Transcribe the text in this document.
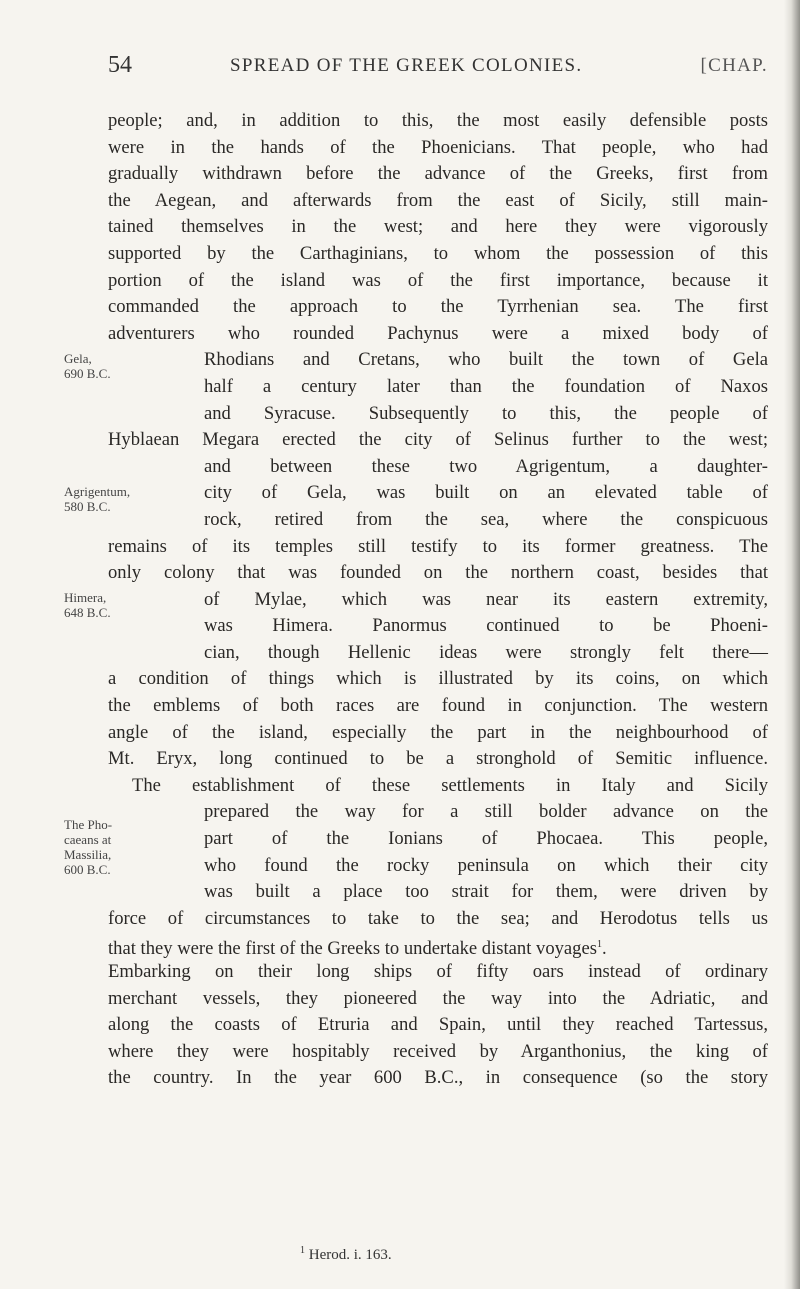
54	SPREAD OF THE GREEK COLONIES.	[CHAP.
people; and, in addition to this, the most easily defensible posts
were in the hands of the Phoenicians. That people, who had
gradually withdrawn before the advance of the Greeks, first from
the Aegean, and afterwards from the east of Sicily, still main-
tained themselves in the west; and here they were vigorously
supported by the Carthaginians, to whom the possession of this
portion of the island was of the first importance, because it
commanded the approach to the Tyrrhenian sea. The first
adventurers who rounded Pachynus were a mixed body of
Rhodians and Cretans, who built the town of Gela
half a century later than the foundation of Naxos
and Syracuse. Subsequently to this, the people of
Hyblaean Megara erected the city of Selinus further to the west;
and between these two Agrigentum, a daughter-
city of Gela, was built on an elevated table of
rock, retired from the sea, where the conspicuous
remains of its temples still testify to its former greatness. The
only colony that was founded on the northern coast, besides that
of Mylae, which was near its eastern extremity,
was Himera. Panormus continued to be Phoeni-
cian, though Hellenic ideas were strongly felt there—
a condition of things which is illustrated by its coins, on which
the emblems of both races are found in conjunction. The western
angle of the island, especially the part in the neighbourhood of
Mt. Eryx, long continued to be a stronghold of Semitic influence.
The establishment of these settlements in Italy and Sicily
prepared the way for a still bolder advance on the
part of the Ionians of Phocaea. This people,
who found the rocky peninsula on which their city
was built a place too strait for them, were driven by
force of circumstances to take to the sea; and Herodotus tells us
that they were the first of the Greeks to undertake distant voyages$^1$.
Embarking on their long ships of fifty oars instead of ordinary
merchant vessels, they pioneered the way into the Adriatic, and
along the coasts of Etruria and Spain, until they reached Tartessus,
where they were hospitably received by Arganthonius, the king of
the country. In the year 600 B.C., in consequence (so the story
Gela,
690 B.C.
Agrigentum,
580 B.C.
Himera,
648 B.C.
The Pho-
caeans at
Massilia,
600 B.C.
$^1$ Herod. i. 163.
